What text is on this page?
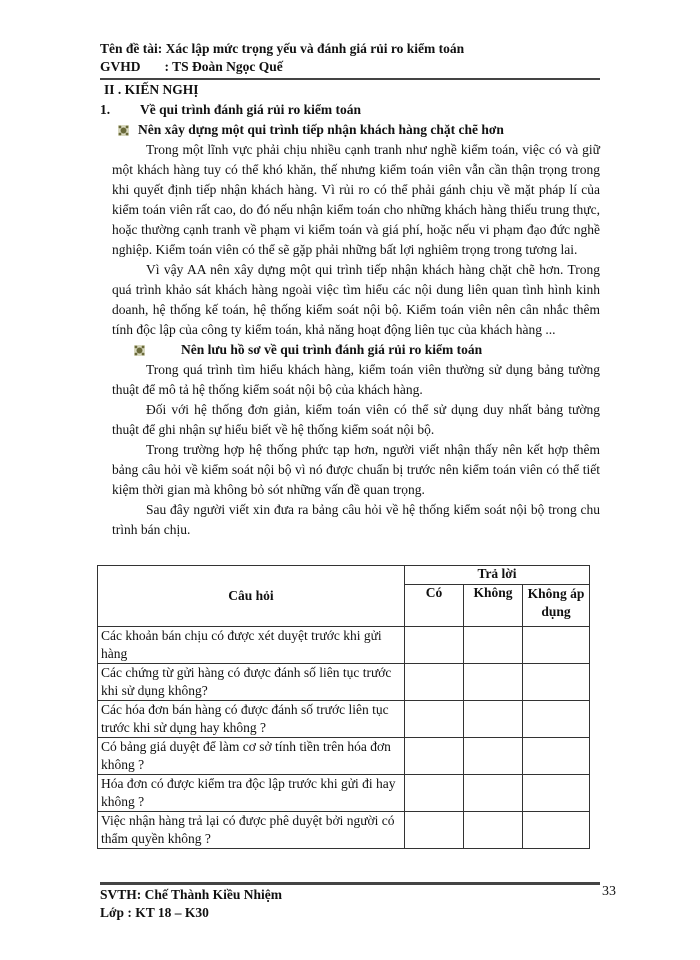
Tên đề tài: Xác lập mức trọng yếu và đánh giá rủi ro kiểm toán
GVHD : TS Đoàn Ngọc Quế
II . KIẾN NGHỊ
1. Về qui trình đánh giá rủi ro kiểm toán
Nên xây dựng một qui trình tiếp nhận khách hàng chặt chẽ hơn

Trong một lĩnh vực phải chịu nhiều cạnh tranh như nghề kiểm toán, việc có và giữ một khách hàng tuy có thể khó khăn, thế nhưng kiểm toán viên vẫn cần thận trọng trong khi quyết định tiếp nhận khách hàng. Vì rủi ro có thể phải gánh chịu về mặt pháp lí của kiểm toán viên rất cao, do đó nếu nhận kiểm toán cho những khách hàng thiếu trung thực, hoặc thường cạnh tranh về phạm vi kiểm toán và giá phí, hoặc nếu vi phạm đạo đức nghề nghiệp. Kiểm toán viên có thể sẽ gặp phải những bất lợi nghiêm trọng trong tương lai.

Vì vậy AA nên xây dựng một qui trình tiếp nhận khách hàng chặt chẽ hơn. Trong quá trình khảo sát khách hàng ngoài việc tìm hiểu các nội dung liên quan tình hình kinh doanh, hệ thống kế toán, hệ thống kiểm soát nội bộ. Kiểm toán viên nên cân nhắc thêm tính độc lập của công ty kiểm toán, khả năng hoạt động liên tục của khách hàng ...

Nên lưu hồ sơ về qui trình đánh giá rủi ro kiểm toán

Trong quá trình tìm hiểu khách hàng, kiểm toán viên thường sử dụng bảng tường thuật để mô tả hệ thống kiểm soát nội bộ của khách hàng.

Đối với hệ thống đơn giản, kiểm toán viên có thể sử dụng duy nhất bảng tường thuật để ghi nhận sự hiểu biết về hệ thống kiểm soát nội bộ.

Trong trường hợp hệ thống phức tạp hơn, người viết nhận thấy nên kết hợp thêm bảng câu hỏi về kiểm soát nội bộ vì nó được chuẩn bị trước nên kiểm toán viên có thể tiết kiệm thời gian mà không bỏ sót những vấn đề quan trọng.

Sau đây người viết xin đưa ra bảng câu hỏi về hệ thống kiểm soát nội bộ trong chu trình bán chịu.

Câu hỏi	Trả lời		
	Có	Không	Không áp dụng
Các khoản bán chịu có được xét duyệt trước khi gửi hàng			
Các chứng từ gửi hàng có được đánh số liên tục trước khi sử dụng không?			
Các hóa đơn bán hàng có được đánh số trước liên tục trước khi sử dụng hay không ?			
Có bảng giá duyệt để làm cơ sở tính tiền trên hóa đơn không ?			
Hóa đơn có được kiểm tra độc lập trước khi gửi đi hay không ?			
Việc nhận hàng trả lại có được phê duyệt bởi người có thẩm quyền không ?			
SVTH: Chế Thành Kiều Nhiệm
Lớp : KT 18 – K30
33
